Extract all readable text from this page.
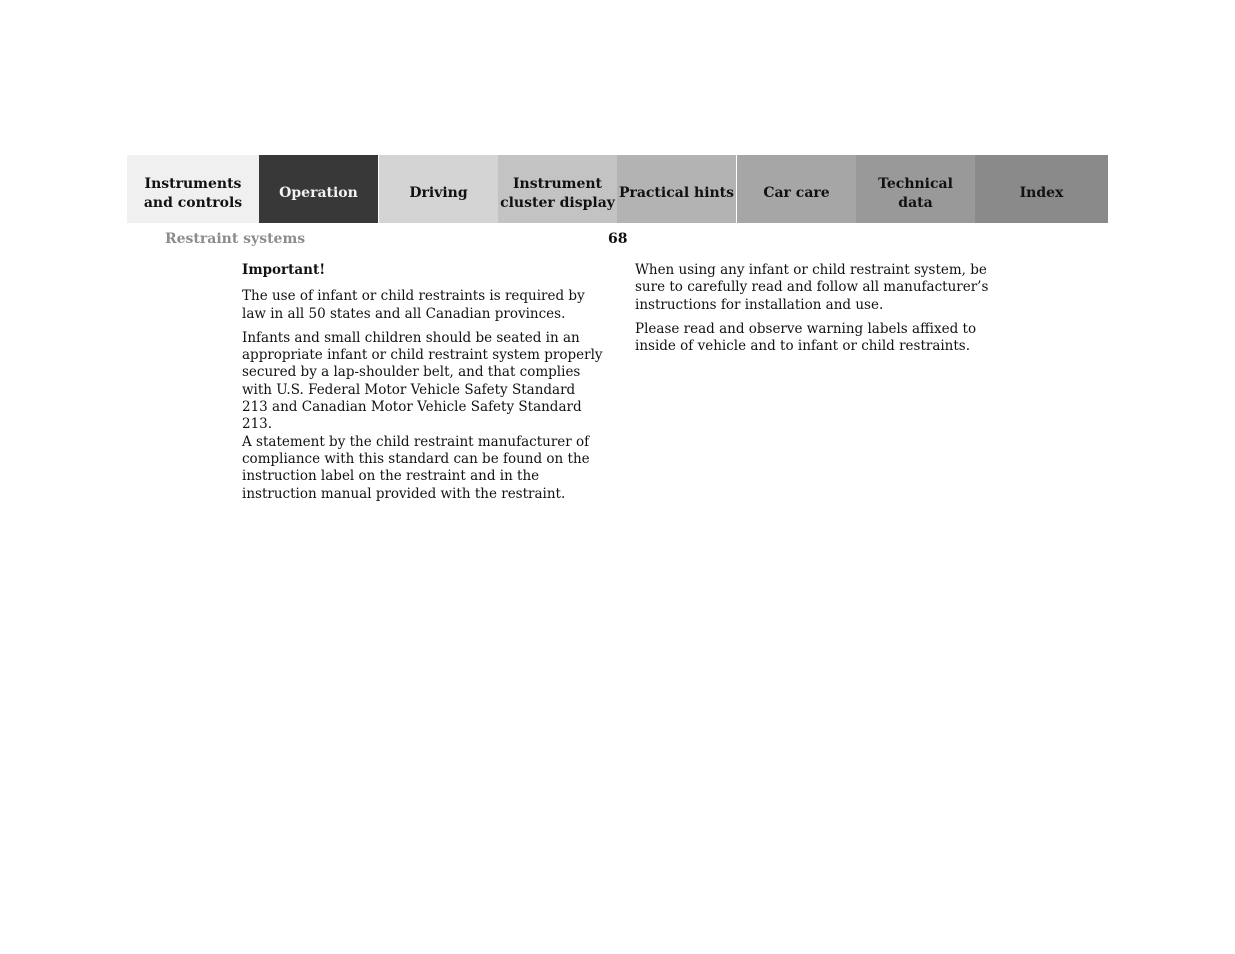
Instruments
and controls
Operation	Driving
Instrument
cluster display
Practical hints	Car care
Technical
data
Index
Restraint systems	68

Important!

The use of infant or child restraints is required by law in all 50 states and all Canadian provinces.

Infants and small children should be seated in an appropriate infant or child restraint system properly secured by a lap-shoulder belt, and that complies with U.S. Federal Motor Vehicle Safety Standard 213 and Canadian Motor Vehicle Safety Standard 213.

A statement by the child restraint manufacturer of compliance with this standard can be found on the instruction label on the restraint and in the instruction manual provided with the restraint.

When using any infant or child restraint system, be sure to carefully read and follow all manufacturer’s instructions for installation and use.

Please read and observe warning labels affixed to inside of vehicle and to infant or child restraints.
